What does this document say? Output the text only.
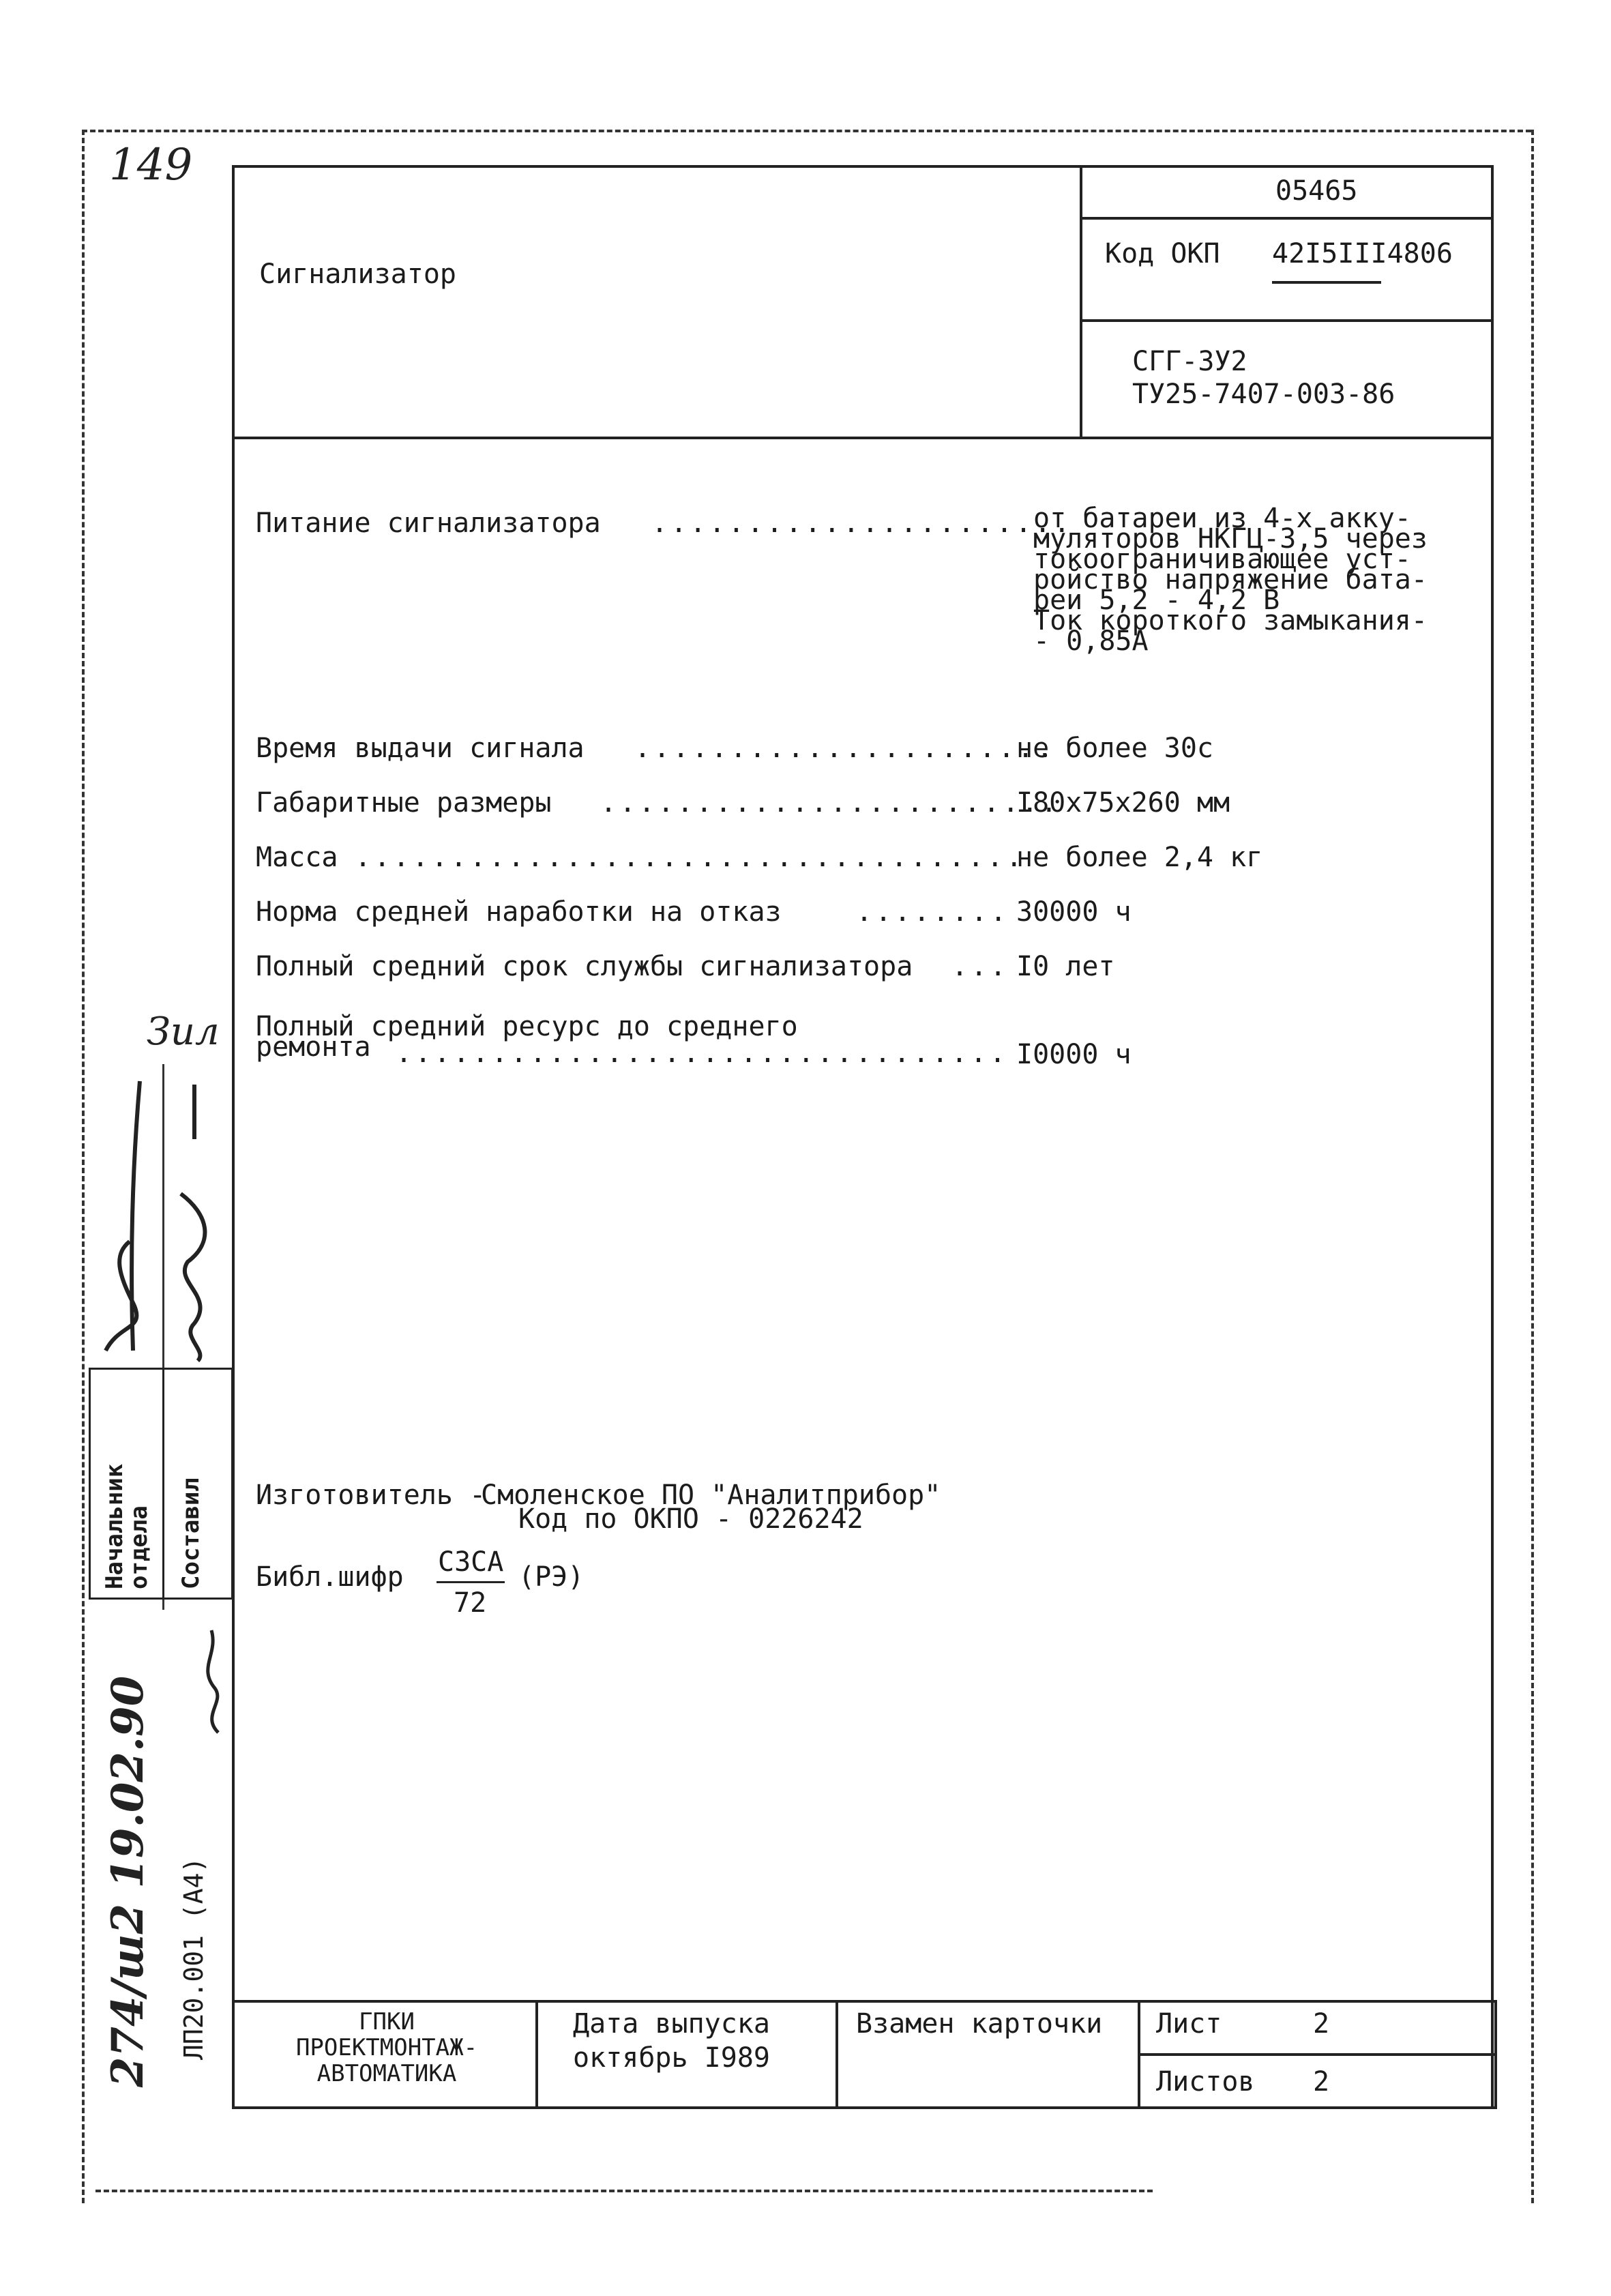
149
Сигнализатор
05465
Код ОКП 42I5III4806
СГГ-3У2
ТУ25-7407-003-86
Питание сигнализатора ......................
от батареи из 4-х акку-
муляторов НКГЦ-3,5 через
токоограничивающее уст-
ройство напряжение бата-
реи 5,2 - 4,2 В
Ток короткого замыкания-
- 0,85А
Время выдачи сигнала ......................
не более 30с
Габаритные размеры ........................
I80x75x260 мм
Масса ...................................
не более 2,4 кг
Норма средней наработки на отказ	........ 30000 ч
Полный средний срок службы сигнализатора ... I0 лет
Полный средний ресурс до среднего
ремонта ................................ I0000 ч
Изготовитель -
Смоленское ПО "Аналитприбор"
Код по ОКПО - 0226242
Библ.шифр СЗСА
72
(РЭ)
ГПКИ
ПРОЕКТМОНТАЖ-
АВТОМАТИКА
Дата выпуска
октябрь I989
Взамен карточки Лист	2
Листов 2
Зил
Начальник
отдела Составил
274/ш2 19.02.90 ЛП20.001 (А4)
